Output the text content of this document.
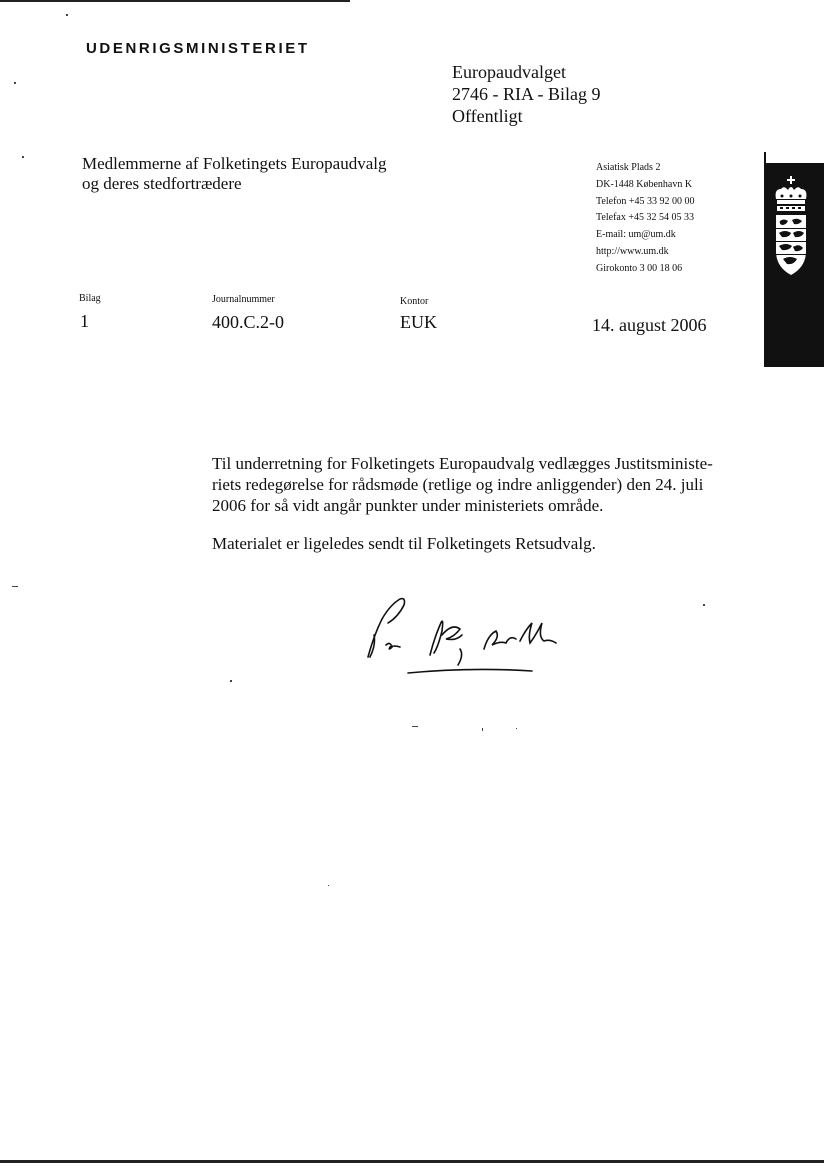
UDENRIGSMINISTERIET
Europaudvalget
2746 - RIA - Bilag 9
Offentligt
Medlemmerne af Folketingets Europaudvalg
og deres stedfortrædere
Asiatisk Plads 2
DK-1448 København K
Telefon +45 33 92 00 00
Telefax +45 32 54 05 33
E-mail: um@um.dk
http://www.um.dk
Girokonto 3 00 18 06
Bilag
1
Journalnummer
400.C.2-0
Kontor
EUK	14. august 2006

Til underretning for Folketingets Europaudvalg vedlægges Justitsministe-
riets redegørelse for rådsmøde (retlige og indre anliggender) den 24. juli
2006 for så vidt angår punkter under ministeriets område.

Materialet er ligeledes sendt til Folketingets Retsudvalg.
